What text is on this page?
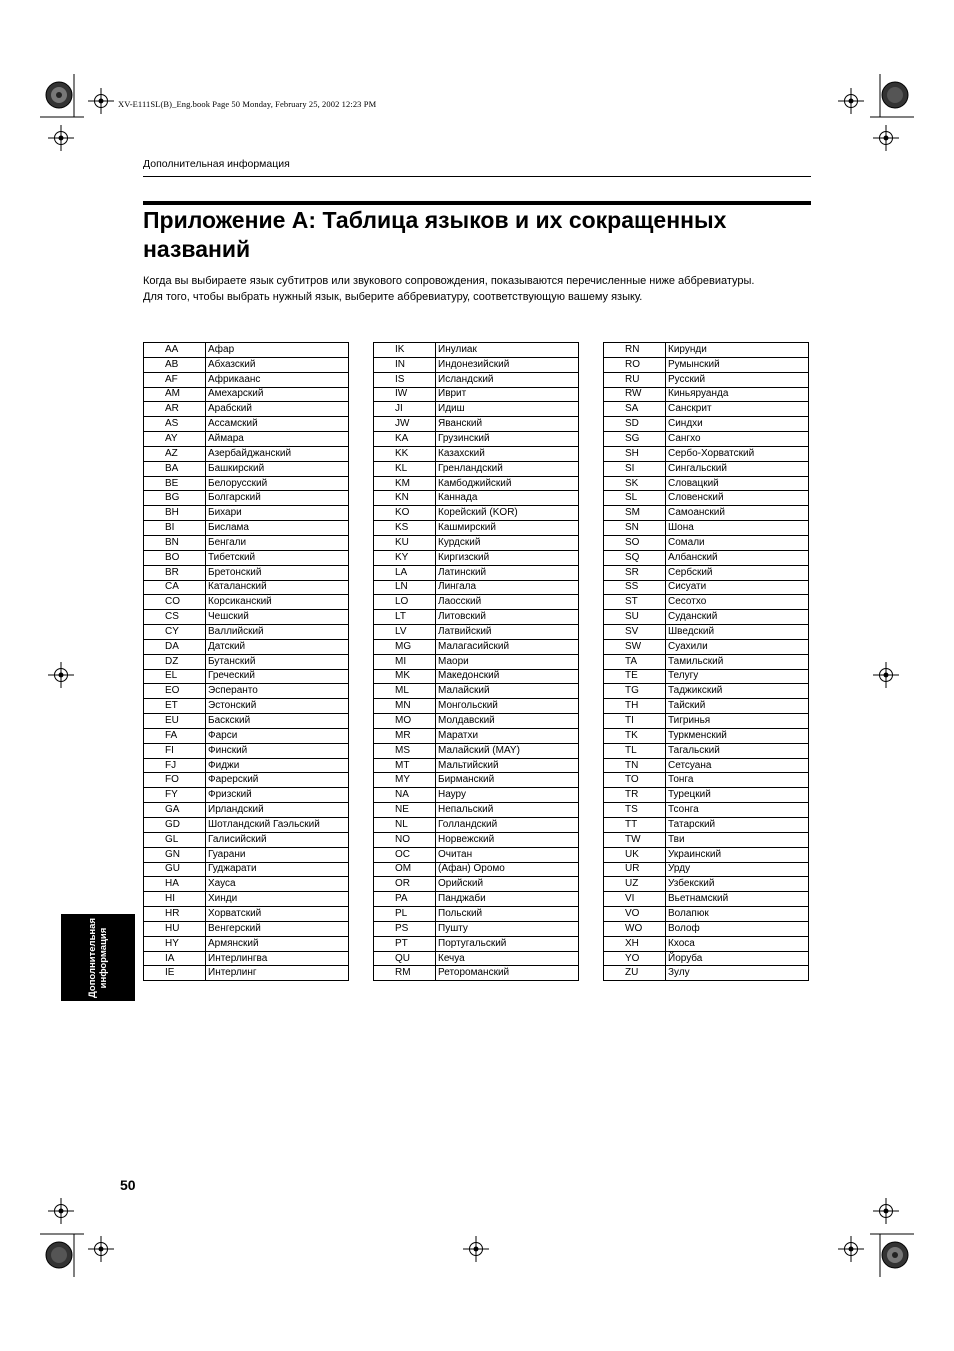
XV-E111SL(B)_Eng.book Page 50 Monday, February 25, 2002 12:23 PM
Дополнительная информация
Приложение A: Таблица языков и их сокращенных названий

Когда вы выбираете язык субтитров или звукового сопровождения, показываются перечисленные ниже аббревиатуры.

Для того, чтобы выбрать нужный язык, выберите аббревиатуру, соответствующую вашему языку.

AA	Афар
AB	Абхазский
AF	Африкаанс
AM	Амехарский
AR	Арабский
AS	Ассамский
AY	Аймара
AZ	Азербайджанский
BA	Башкирский
BE	Белорусский
BG	Болгарский
BH	Бихари
BI	Бислама
BN	Бенгали
BO	Тибетский
BR	Бретонский
CA	Каталанский
CO	Корсиканский
CS	Чешский
CY	Валлийский
DA	Датский
DZ	Бутанский
EL	Греческий
EO	Эсперанто
ET	Эстонский
EU	Баскский
FA	Фарси
FI	Финский
FJ	Фиджи
FO	Фарерский
FY	Фризский
GA	Ирландский
GD	Шотландский Гаэльский
GL	Галисийский
GN	Гуарани
GU	Гуджарати
HA	Хауса
HI	Хинди
HR	Хорватский
HU	Венгерский
HY	Армянский
IA	Интерлингва
IE	Интерлинг
IK	Инулиак
IN	Индонезийский
IS	Исландский
IW	Иврит
JI	Идиш
JW	Яванский
KA	Грузинский
KK	Казахский
KL	Гренландский
KM	Камбоджийский
KN	Каннада
KO	Корейский (KOR)
KS	Кашмирский
KU	Курдский
KY	Киргизский
LA	Латинский
LN	Лингала
LO	Лаосский
LT	Литовский
LV	Латвийский
MG	Малагасийский
MI	Маори
MK	Македонский
ML	Малайский
MN	Монгольский
MO	Молдавский
MR	Маратхи
MS	Малайский (MAY)
MT	Мальтийский
MY	Бирманский
NA	Науру
NE	Непальский
NL	Голландский
NO	Норвежский
OC	Очитан
OM	(Афан) Оромо
OR	Орийский
PA	Панджаби
PL	Польский
PS	Пушту
PT	Португальский
QU	Кечуа
RM	Ретороманский
RN	Кирунди
RO	Румынский
RU	Русский
RW	Киньяруанда
SA	Санскрит
SD	Синдхи
SG	Сангхо
SH	Сербо-Хорватский
SI	Сингальский
SK	Словацкий
SL	Словенский
SM	Самоанский
SN	Шона
SO	Сомали
SQ	Албанский
SR	Сербский
SS	Сисуати
ST	Сесотхо
SU	Суданский
SV	Шведский
SW	Суахили
TA	Тамильский
TE	Телугу
TG	Таджикский
TH	Тайский
TI	Тигринья
TK	Туркменский
TL	Тагальский
TN	Сетсуана
TO	Тонга
TR	Турецкий
TS	Тсонга
TT	Татарский
TW	Тви
UK	Украинский
UR	Урду
UZ	Узбекский
VI	Вьетнамский
VO	Волапюк
WO	Волоф
XH	Кхоса
YO	Йоруба
ZU	Зулу
Дополнительная
информация
50
